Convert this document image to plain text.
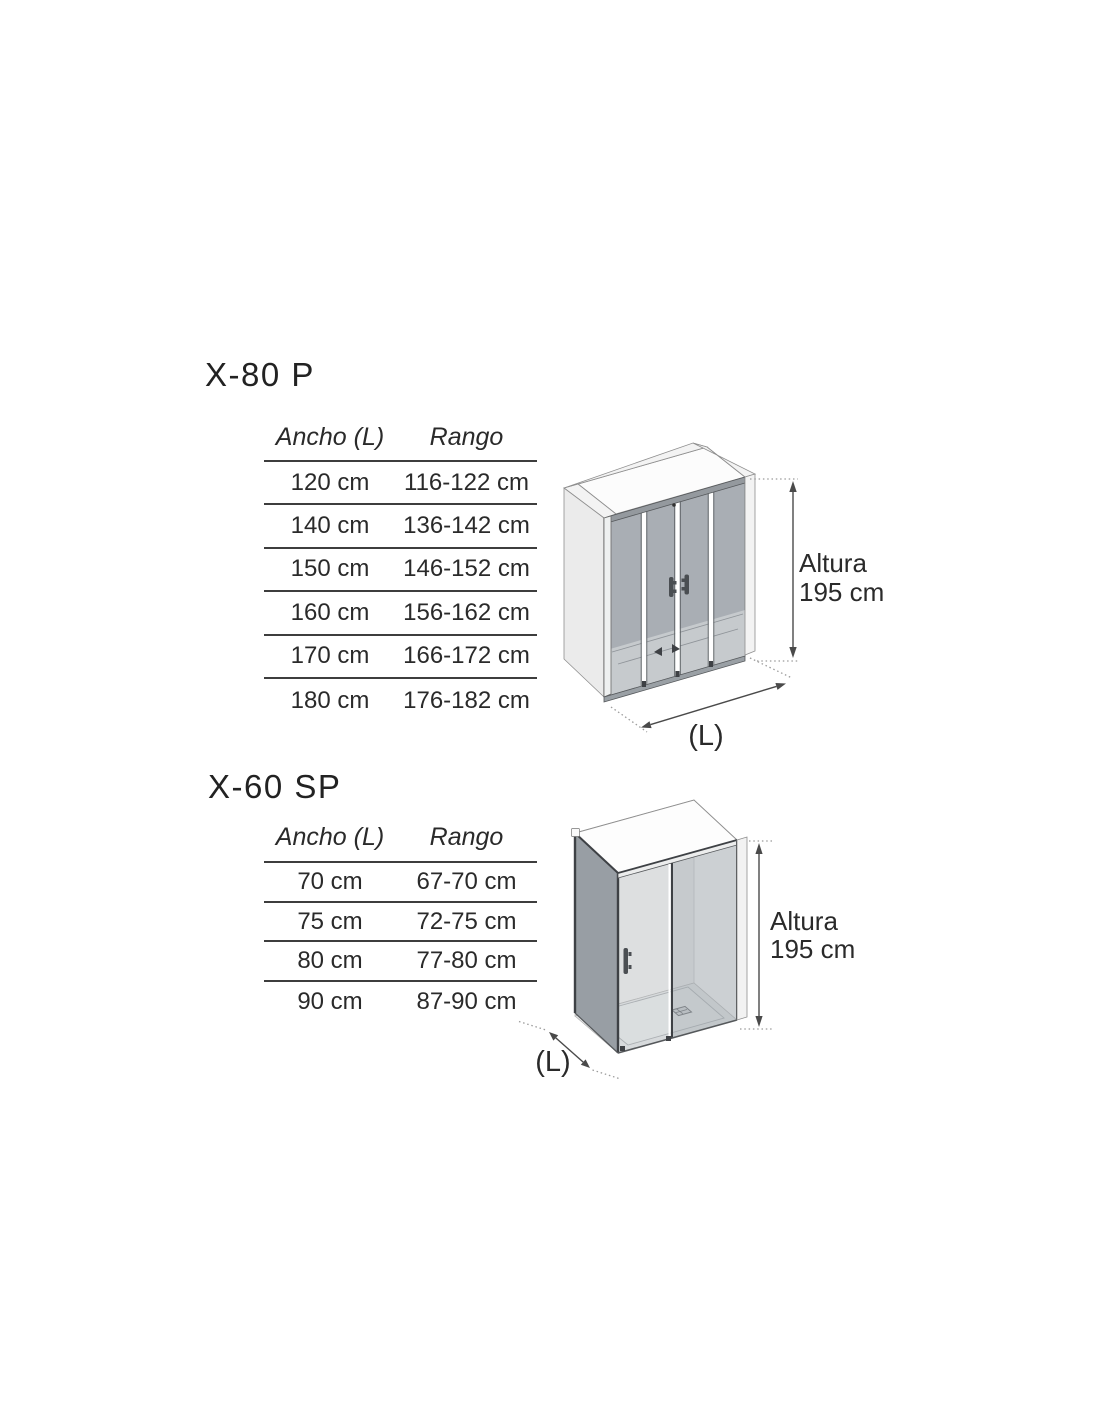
X-80 P
Ancho (L)	Rango
120 cm	116-122 cm
140 cm	136-142 cm
150 cm	146-152 cm
160 cm	156-162 cm
170 cm	166-172 cm
180 cm	176-182 cm
Altura
195 cm
(L)
X-60 SP
Ancho (L)	Rango
70 cm	67-70 cm
75 cm	72-75 cm
80 cm	77-80 cm
90 cm	87-90 cm
Altura
195 cm
(L)
